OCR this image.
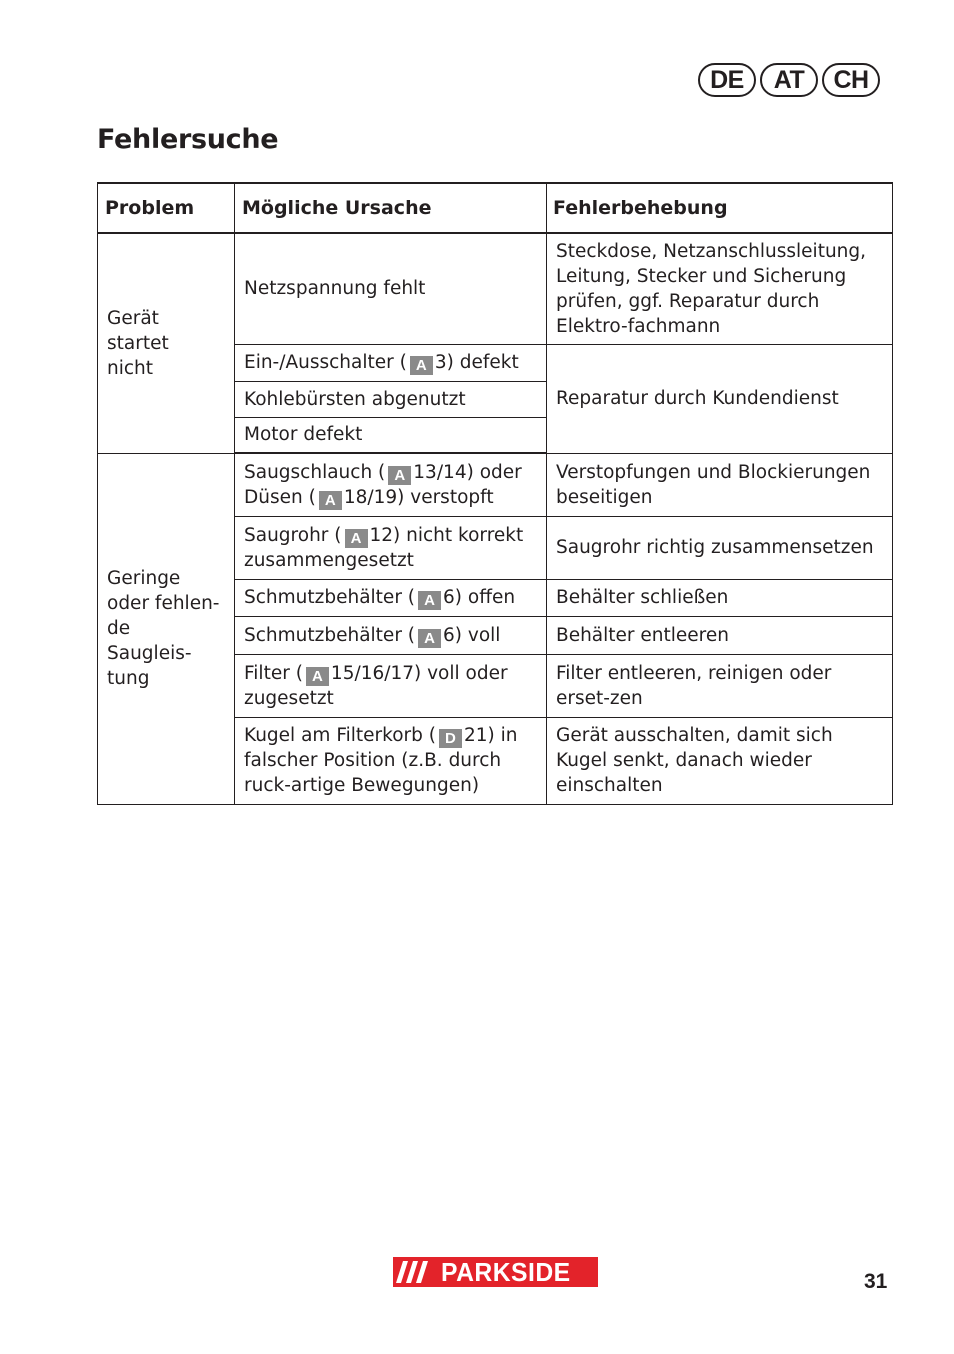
DE	AT	CH
Fehlersuche
Problem	Mögliche Ursache	Fehlerbehebung
Gerät startet nicht	Netzspannung fehlt	Steckdose, Netzanschlussleitung, Leitung, Stecker und Sicherung prüfen, ggf. Reparatur durch Elektro-fachmann
	Ein-/Ausschalter ( A 3) defekt	Reparatur durch Kundendienst
	Kohlebürsten abgenutzt	
	Motor defekt	
Geringe oder fehlen-de Saugleis-tung	Saugschlauch ( A 13/14) oder Düsen ( A 18/19) verstopft	Verstopfungen und Blockierungen beseitigen
	Saugrohr ( A 12) nicht korrekt zusammengesetzt	Saugrohr richtig zusammensetzen
	Schmutzbehälter ( A 6) offen	Behälter schließen
	Schmutzbehälter ( A 6) voll	Behälter entleeren
	Filter ( A 15/16/17) voll oder zugesetzt	Filter entleeren, reinigen oder erset-zen
	Kugel am Filterkorb ( D 21) in falscher Position (z.B. durch ruck-artige Bewegungen)	Gerät ausschalten, damit sich Kugel senkt, danach wieder einschalten
PARKSIDE	31
